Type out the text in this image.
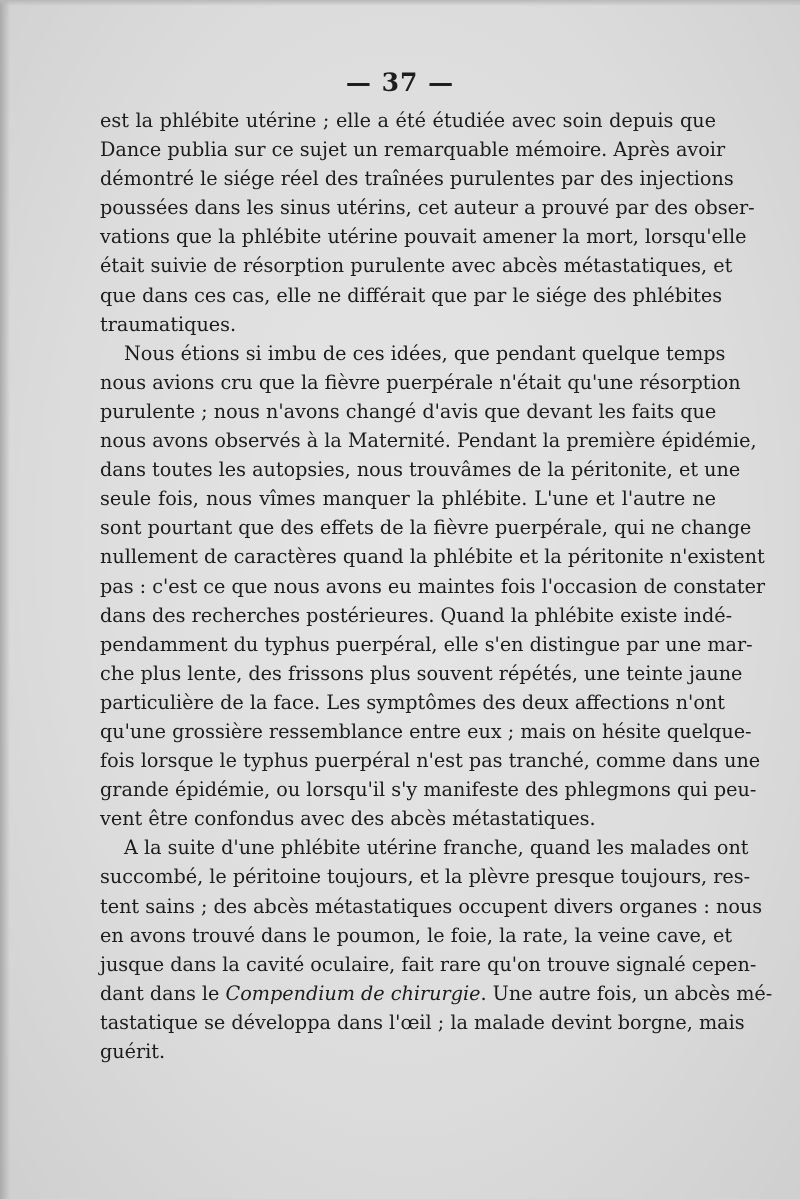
— 37 —
est la phlébite utérine ; elle a été étudiée avec soin depuis que
Dance publia sur ce sujet un remarquable mémoire. Après avoir
démontré le siége réel des traînées purulentes par des injections
poussées dans les sinus utérins, cet auteur a prouvé par des obser-
vations que la phlébite utérine pouvait amener la mort, lorsqu'elle
était suivie de résorption purulente avec abcès métastatiques, et
que dans ces cas, elle ne différait que par le siége des phlébites
traumatiques.
Nous étions si imbu de ces idées, que pendant quelque temps
nous avions cru que la fièvre puerpérale n'était qu'une résorption
purulente ; nous n'avons changé d'avis que devant les faits que
nous avons observés à la Maternité. Pendant la première épidémie,
dans toutes les autopsies, nous trouvâmes de la péritonite, et une
seule fois, nous vîmes manquer la phlébite. L'une et l'autre ne
sont pourtant que des effets de la fièvre puerpérale, qui ne change
nullement de caractères quand la phlébite et la péritonite n'existent
pas : c'est ce que nous avons eu maintes fois l'occasion de constater
dans des recherches postérieures. Quand la phlébite existe indé-
pendamment du typhus puerpéral, elle s'en distingue par une mar-
che plus lente, des frissons plus souvent répétés, une teinte jaune
particulière de la face. Les symptômes des deux affections n'ont
qu'une grossière ressemblance entre eux ; mais on hésite quelque-
fois lorsque le typhus puerpéral n'est pas tranché, comme dans une
grande épidémie, ou lorsqu'il s'y manifeste des phlegmons qui peu-
vent être confondus avec des abcès métastatiques.
A la suite d'une phlébite utérine franche, quand les malades ont
succombé, le péritoine toujours, et la plèvre presque toujours, res-
tent sains ; des abcès métastatiques occupent divers organes : nous
en avons trouvé dans le poumon, le foie, la rate, la veine cave, et
jusque dans la cavité oculaire, fait rare qu'on trouve signalé cepen-
dant dans le Compendium de chirurgie. Une autre fois, un abcès mé-
tastatique se développa dans l'œil ; la malade devint borgne, mais
guérit.
